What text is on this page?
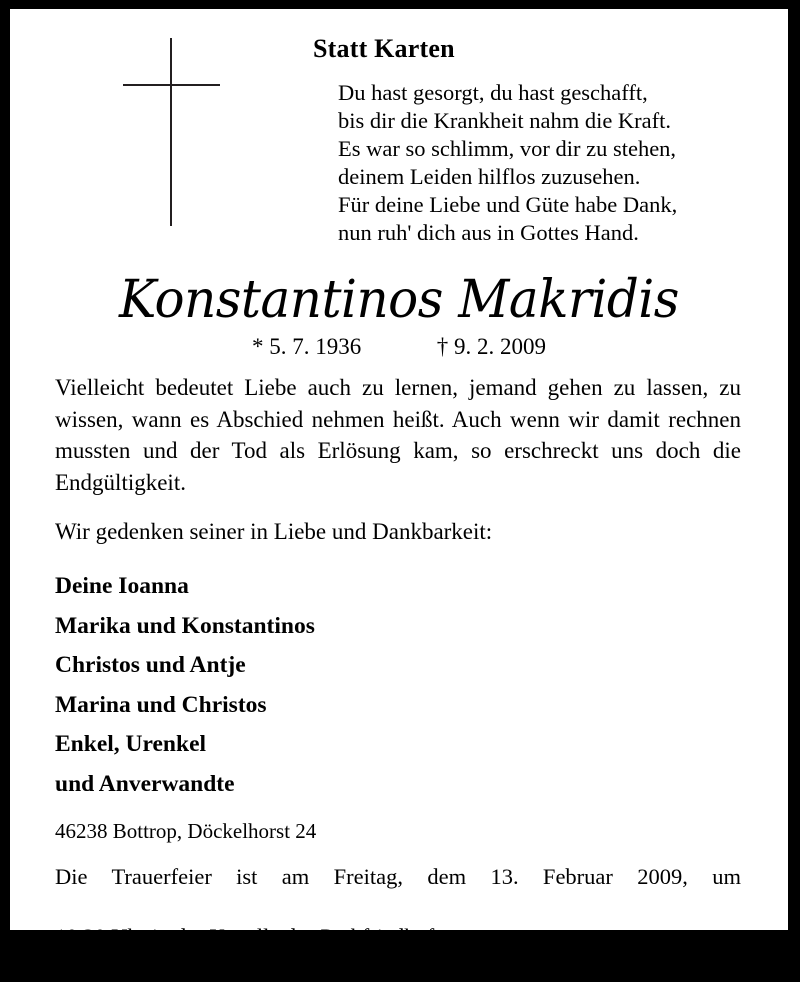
Statt Karten
Du hast gesorgt, du hast geschafft,
bis dir die Krankheit nahm die Kraft.
Es war so schlimm, vor dir zu stehen,
deinem Leiden hilflos zuzusehen.
Für deine Liebe und Güte habe Dank,
nun ruh' dich aus in Gottes Hand.
Konstantinos Makridis
* 5. 7. 1936	† 9. 2. 2009

Vielleicht bedeutet Liebe auch zu lernen, jemand gehen zu lassen, zu wissen, wann es Abschied nehmen heißt. Auch wenn wir damit rechnen mussten und der Tod als Erlösung kam, so erschreckt uns doch die Endgültigkeit.

Wir gedenken seiner in Liebe und Dankbarkeit:

Deine Ioanna
Marika und Konstantinos
Christos und Antje
Marina und Christos
Enkel, Urenkel
und Anverwandte

46238 Bottrop, Döckelhorst 24

Die Trauerfeier ist am Freitag, dem 13. Februar 2009, um
10.30 Uhr in der Kapelle des Parkfriedhofes;
anschließend erfolgt die Beisetzung.
